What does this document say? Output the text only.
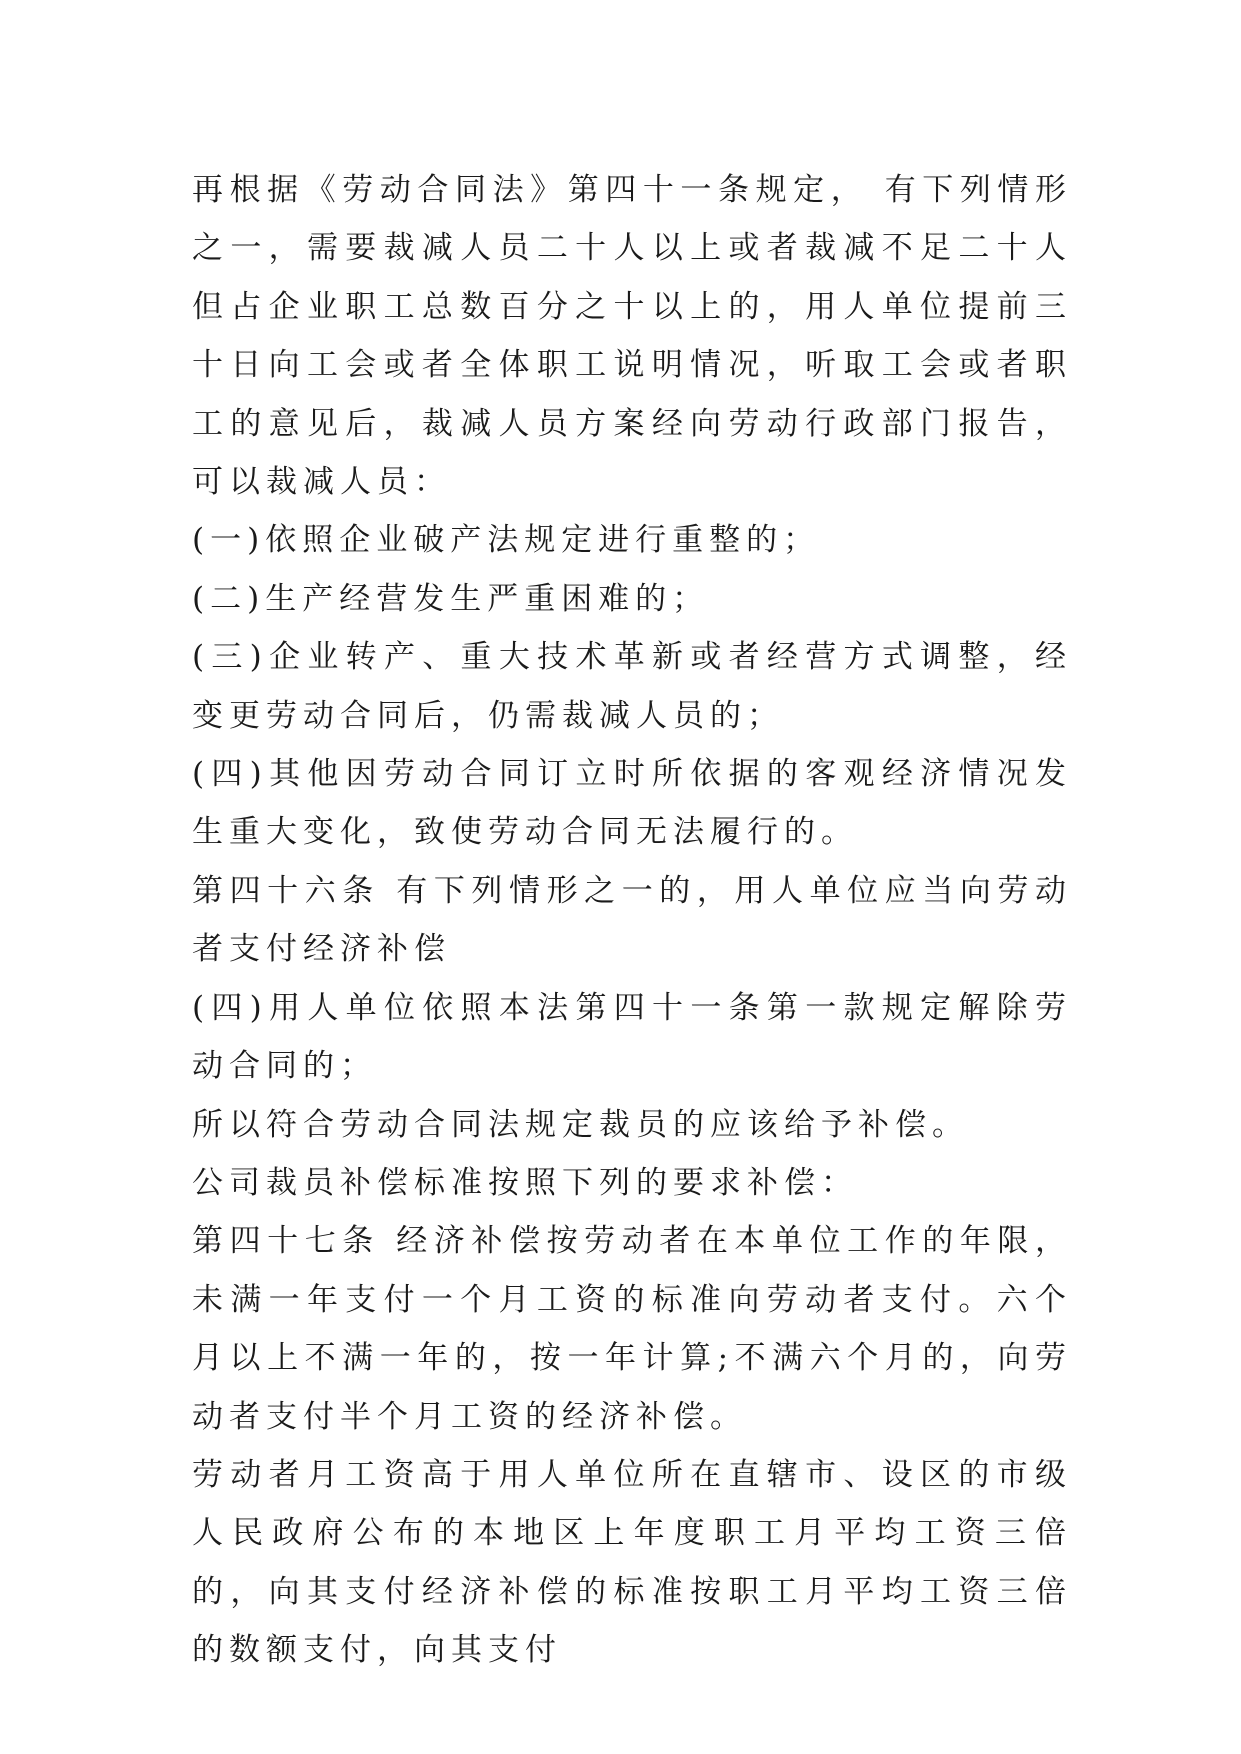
再根据《劳动合同法》第四十一条规定， 有下列情形之一，需要裁减人员二十人以上或者裁减不足二十人但占企业职工总数百分之十以上的，用人单位提前三十日向工会或者全体职工说明情况，听取工会或者职工的意见后，裁减人员方案经向劳动行政部门报告，可以裁减人员：

(一)依照企业破产法规定进行重整的；

(二)生产经营发生严重困难的；

(三)企业转产、重大技术革新或者经营方式调整，经变更劳动合同后，仍需裁减人员的；

(四)其他因劳动合同订立时所依据的客观经济情况发生重大变化，致使劳动合同无法履行的。

第四十六条 有下列情形之一的，用人单位应当向劳动者支付经济补偿

(四)用人单位依照本法第四十一条第一款规定解除劳动合同的；

所以符合劳动合同法规定裁员的应该给予补偿。

公司裁员补偿标准按照下列的要求补偿：

第四十七条 经济补偿按劳动者在本单位工作的年限，未满一年支付一个月工资的标准向劳动者支付。六个月以上不满一年的，按一年计算;不满六个月的，向劳动者支付半个月工资的经济补偿。

劳动者月工资高于用人单位所在直辖市、设区的市级人民政府公布的本地区上年度职工月平均工资三倍的，向其支付经济补偿的标准按职工月平均工资三倍的数额支付，向其支付
